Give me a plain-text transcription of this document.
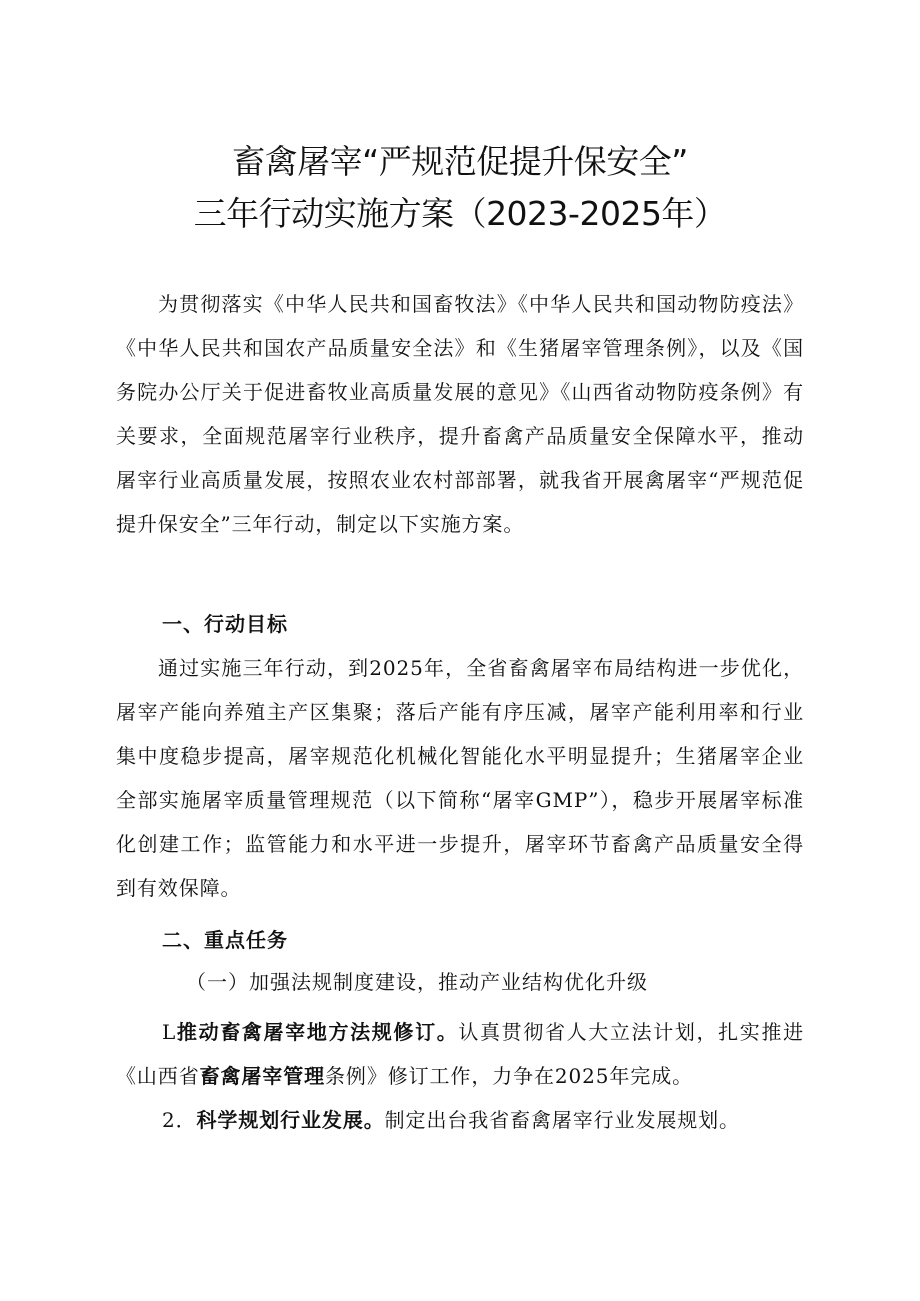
畜禽屠宰“严规范促提升保安全”
三年行动实施方案（2023-2025年）
为贯彻落实《中华人民共和国畜牧法》《中华人民共和国动物防疫法》《中华人民共和国农产品质量安全法》和《生猪屠宰管理条例》，以及《国务院办公厅关于促进畜牧业高质量发展的意见》《山西省动物防疫条例》有关要求，全面规范屠宰行业秩序，提升畜禽产品质量安全保障水平，推动屠宰行业高质量发展，按照农业农村部部署，就我省开展禽屠宰“严规范促提升保安全”三年行动，制定以下实施方案。
一、行动目标
通过实施三年行动，到2025年，全省畜禽屠宰布局结构进一步优化，屠宰产能向养殖主产区集聚；落后产能有序压减，屠宰产能利用率和行业集中度稳步提高，屠宰规范化机械化智能化水平明显提升；生猪屠宰企业全部实施屠宰质量管理规范（以下简称“屠宰GMP”），稳步开展屠宰标准化创建工作；监管能力和水平进一步提升，屠宰环节畜禽产品质量安全得到有效保障。
二、重点任务
（一）加强法规制度建设，推动产业结构优化升级
L推动畜禽屠宰地方法规修订。认真贯彻省人大立法计划，扎实推进《山西省畜禽屠宰管理条例》修订工作，力争在2025年完成。
2．科学规划行业发展。制定出台我省畜禽屠宰行业发展规划。
